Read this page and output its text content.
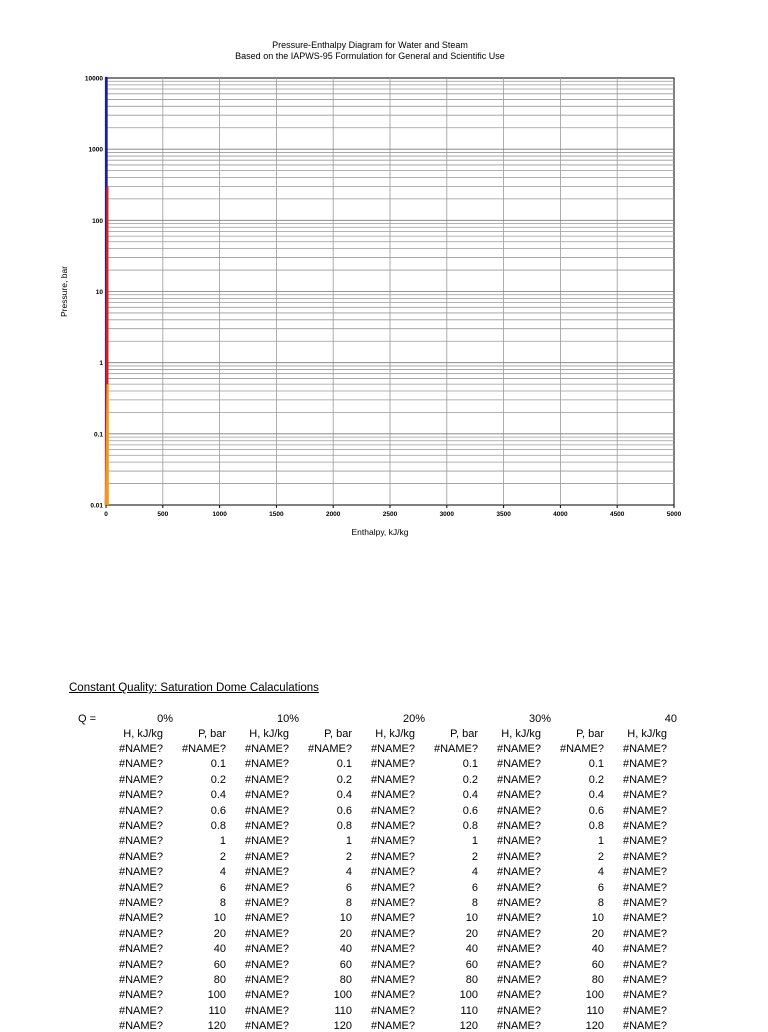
Pressure-Enthalpy Diagram for Water and Steam
Based on the IAPWS-95 Formulation for General and Scientific Use
0	500	1000	1500	2000	2500	3000	3500	4000	4500	5000
10000
1000
100
10
1
0.1
0.01
Enthalpy, kJ/kg
Pressure, bar
Constant Quality: Saturation Dome Calaculations
Q =	0%	10%	20%	30%	40
H, kJ/kg	P, bar	H, kJ/kg	P, bar	H, kJ/kg	P, bar	H, kJ/kg	P, bar	H, kJ/kg
#NAME?	#NAME?	#NAME?	#NAME?	#NAME?	#NAME?	#NAME?	#NAME?	#NAME?
#NAME?	0.1	#NAME?	0.1	#NAME?	0.1	#NAME?	0.1	#NAME?
#NAME?	0.2	#NAME?	0.2	#NAME?	0.2	#NAME?	0.2	#NAME?
#NAME?	0.4	#NAME?	0.4	#NAME?	0.4	#NAME?	0.4	#NAME?
#NAME?	0.6	#NAME?	0.6	#NAME?	0.6	#NAME?	0.6	#NAME?
#NAME?	0.8	#NAME?	0.8	#NAME?	0.8	#NAME?	0.8	#NAME?
#NAME?	1	#NAME?	1	#NAME?	1	#NAME?	1	#NAME?
#NAME?	2	#NAME?	2	#NAME?	2	#NAME?	2	#NAME?
#NAME?	4	#NAME?	4	#NAME?	4	#NAME?	4	#NAME?
#NAME?	6	#NAME?	6	#NAME?	6	#NAME?	6	#NAME?
#NAME?	8	#NAME?	8	#NAME?	8	#NAME?	8	#NAME?
#NAME?	10	#NAME?	10	#NAME?	10	#NAME?	10	#NAME?
#NAME?	20	#NAME?	20	#NAME?	20	#NAME?	20	#NAME?
#NAME?	40	#NAME?	40	#NAME?	40	#NAME?	40	#NAME?
#NAME?	60	#NAME?	60	#NAME?	60	#NAME?	60	#NAME?
#NAME?	80	#NAME?	80	#NAME?	80	#NAME?	80	#NAME?
#NAME?	100	#NAME?	100	#NAME?	100	#NAME?	100	#NAME?
#NAME?	110	#NAME?	110	#NAME?	110	#NAME?	110	#NAME?
#NAME?	120	#NAME?	120	#NAME?	120	#NAME?	120	#NAME?
